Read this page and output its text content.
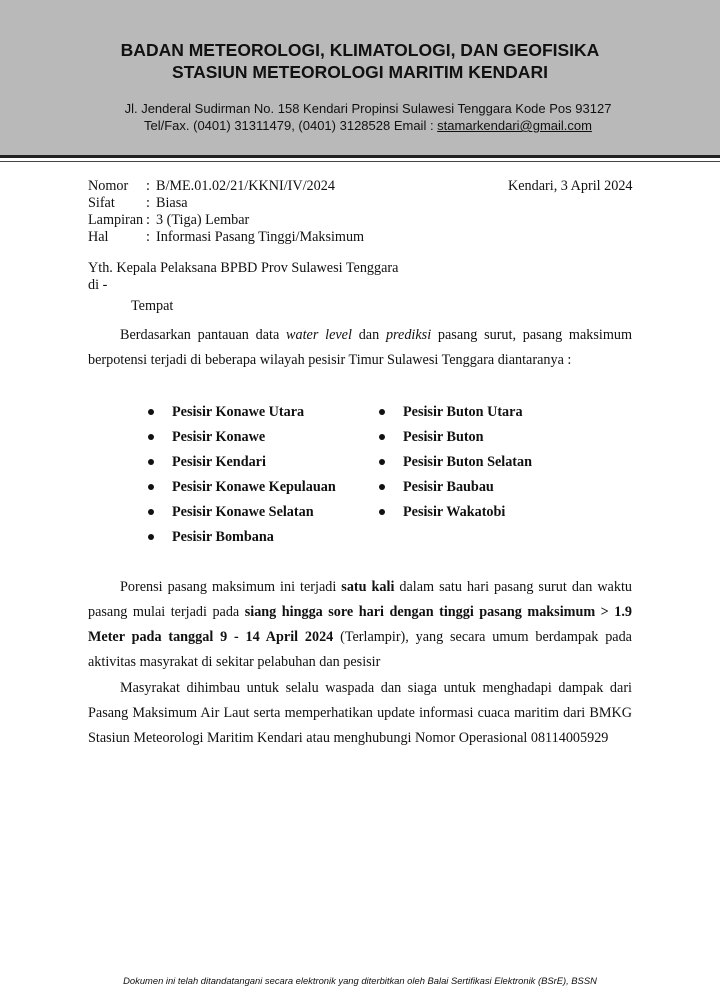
BADAN METEOROLOGI, KLIMATOLOGI, DAN GEOFISIKA
STASIUN METEOROLOGI MARITIM KENDARI
Jl. Jenderal Sudirman No. 158 Kendari Propinsi Sulawesi Tenggara Kode Pos 93127
Tel/Fax. (0401) 31311479, (0401) 3128528 Email : stamarkendari@gmail.com
Nomor	: B/ME.01.02/21/KKNI/IV/2024
Sifat	: Biasa
Lampiran : 3 (Tiga) Lembar
Hal	: Informasi Pasang Tinggi/Maksimum
Kendari, 3 April 2024
Yth. Kepala Pelaksana BPBD Prov Sulawesi Tenggara
di -
Tempat

Berdasarkan pantauan data water level dan prediksi pasang surut, pasang maksimum berpotensi terjadi di beberapa wilayah pesisir Timur Sulawesi Tenggara diantaranya :

Pesisir Konawe Utara
Pesisir Konawe
Pesisir Kendari
Pesisir Konawe Kepulauan
Pesisir Konawe Selatan
Pesisir Bombana
Pesisir Buton Utara
Pesisir Buton
Pesisir Buton Selatan
Pesisir Baubau
Pesisir Wakatobi

Porensi pasang maksimum ini terjadi satu kali dalam satu hari pasang surut dan waktu pasang mulai terjadi pada siang hingga sore hari dengan tinggi pasang maksimum > 1.9 Meter pada tanggal 9 - 14 April 2024 (Terlampir), yang secara umum berdampak pada aktivitas masyrakat di sekitar pelabuhan dan pesisir

Masyrakat dihimbau untuk selalu waspada dan siaga untuk menghadapi dampak dari Pasang Maksimum Air Laut serta memperhatikan update informasi cuaca maritim dari BMKG Stasiun Meteorologi Maritim Kendari atau menghubungi Nomor Operasional 08114005929

Dokumen ini telah ditandatangani secara elektronik yang diterbitkan oleh Balai Sertifikasi Elektronik (BSrE), BSSN
